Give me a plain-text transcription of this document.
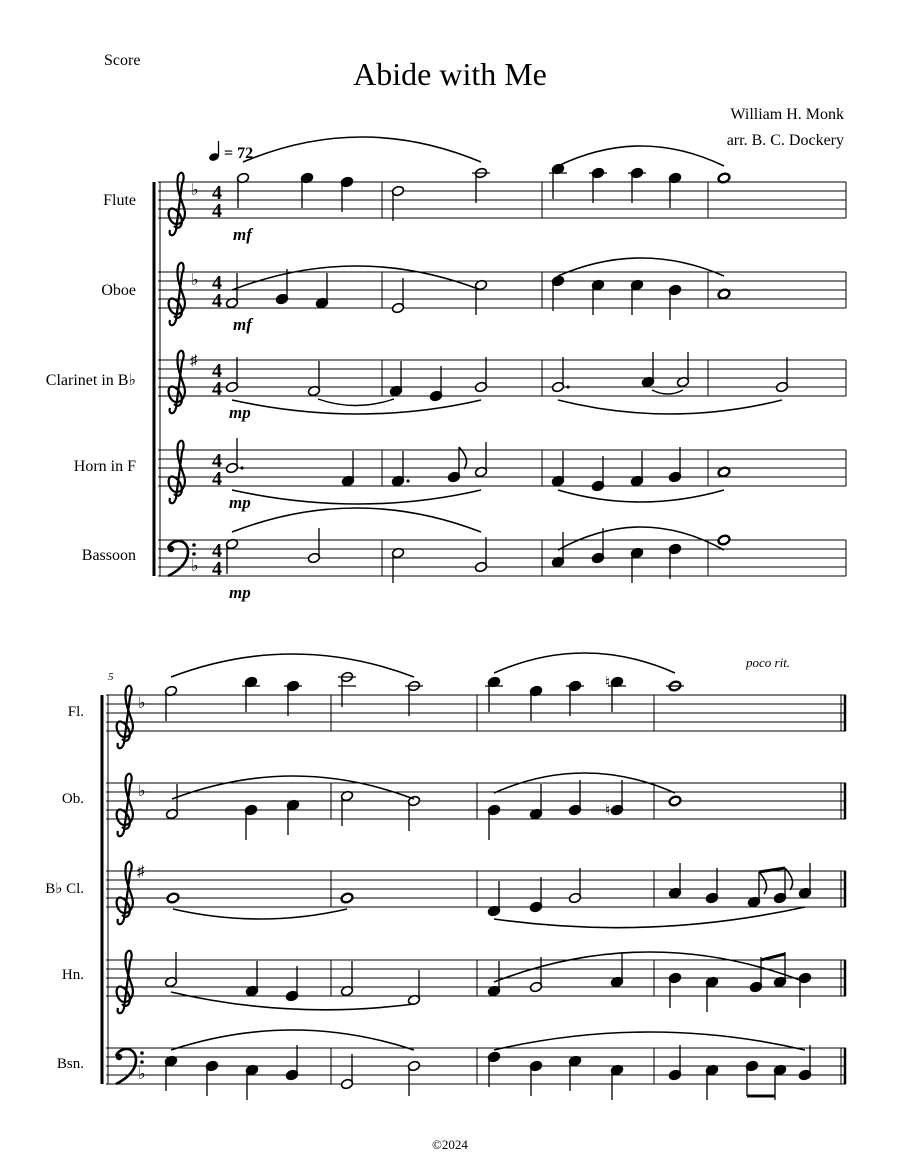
Score	Abide with Me
William H. Monk
arr. B. C. Dockery
= 72
Flute
Oboe
Clarinet in B♭
Horn in F
Bassoon
Fl.
Ob.
B♭ Cl.
Hn.
Bsn.
5
poco rit.
©2024
4
4
4
4
4
4
4
4
4
4
♭
♭
♯
♭
mf
mf
mp
mp
mp
♭
♭
♯
♭
♮
♮
